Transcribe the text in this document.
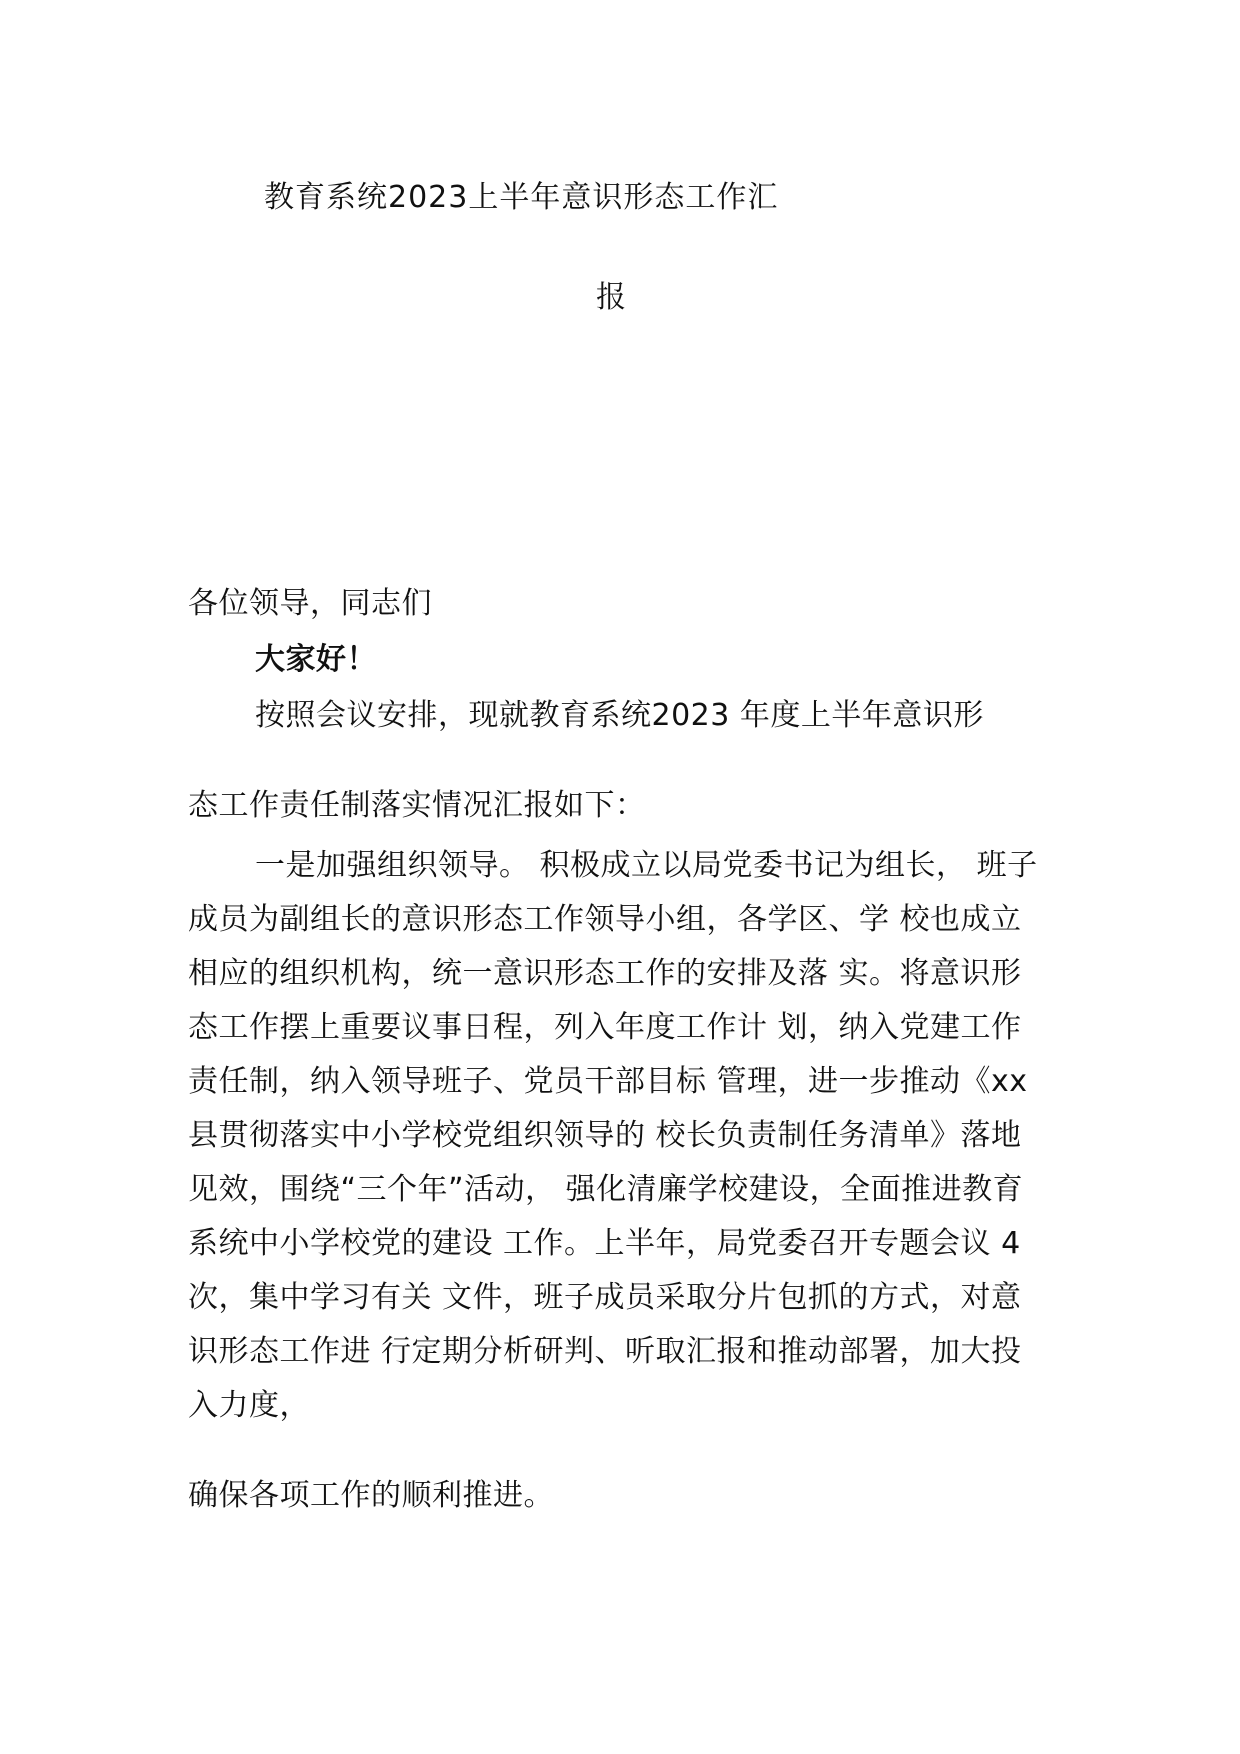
教育系统2023上半年意识形态工作汇
报
各位领导，同志们
大家好！
按照会议安排，现就教育系统2023 年度上半年意识形
态工作责任制落实情况汇报如下：
一是加强组织领导。 积极成立以局党委书记为组长， 班子
成员为副组长的意识形态工作领导小组，各学区、学 校也成立
相应的组织机构，统一意识形态工作的安排及落 实。将意识形
态工作摆上重要议事日程，列入年度工作计 划，纳入党建工作
责任制，纳入领导班子、党员干部目标 管理，进一步推动《xx
县贯彻落实中小学校党组织领导的 校长负责制任务清单》落地
见效，围绕“三个年”活动， 强化清廉学校建设，全面推进教育
系统中小学校党的建设 工作。上半年，局党委召开专题会议 4
次，集中学习有关 文件，班子成员采取分片包抓的方式，对意
识形态工作进 行定期分析研判、听取汇报和推动部署，加大投
入力度，
确保各项工作的顺利推进。
